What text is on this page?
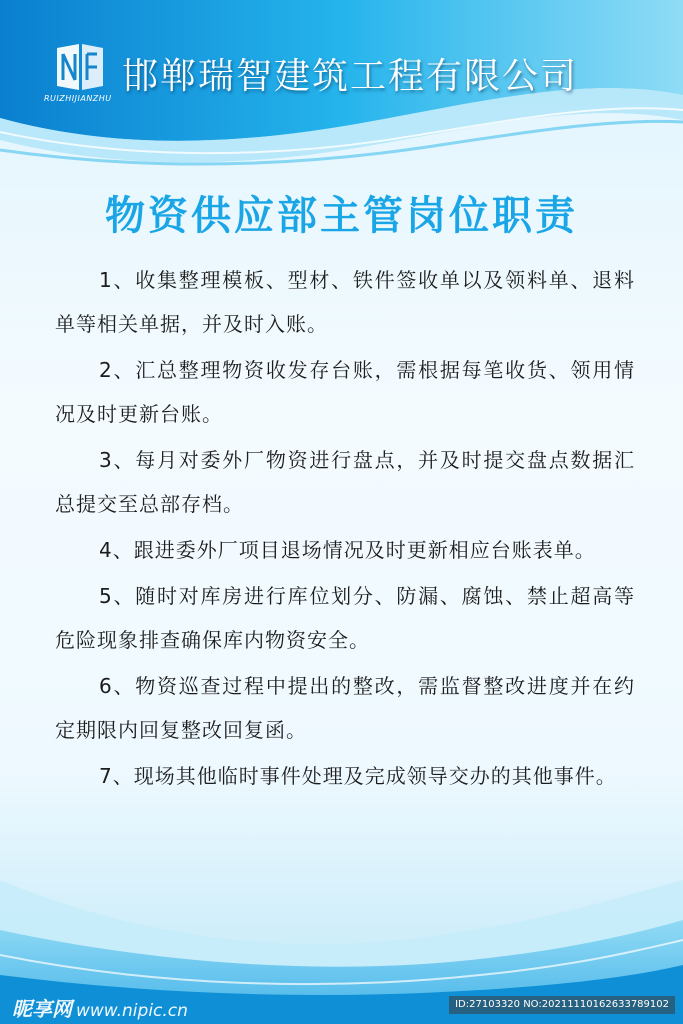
RUIZHIJIANZHU
邯郸瑞智建筑工程有限公司
物资供应部主管岗位职责

1、收集整理模板、型材、铁件签收单以及领料单、退料单等相关单据，并及时入账。

2、汇总整理物资收发存台账，需根据每笔收货、领用情况及时更新台账。

3、每月对委外厂物资进行盘点，并及时提交盘点数据汇总提交至总部存档。

4、跟进委外厂项目退场情况及时更新相应台账表单。

5、随时对库房进行库位划分、防漏、腐蚀、禁止超高等危险现象排查确保库内物资安全。

6、物资巡查过程中提出的整改，需监督整改进度并在约定期限内回复整改回复函。

7、现场其他临时事件处理及完成领导交办的其他事件。

昵享网 www.nipic.cn	ID:27103320 NO:20211110162633789102
